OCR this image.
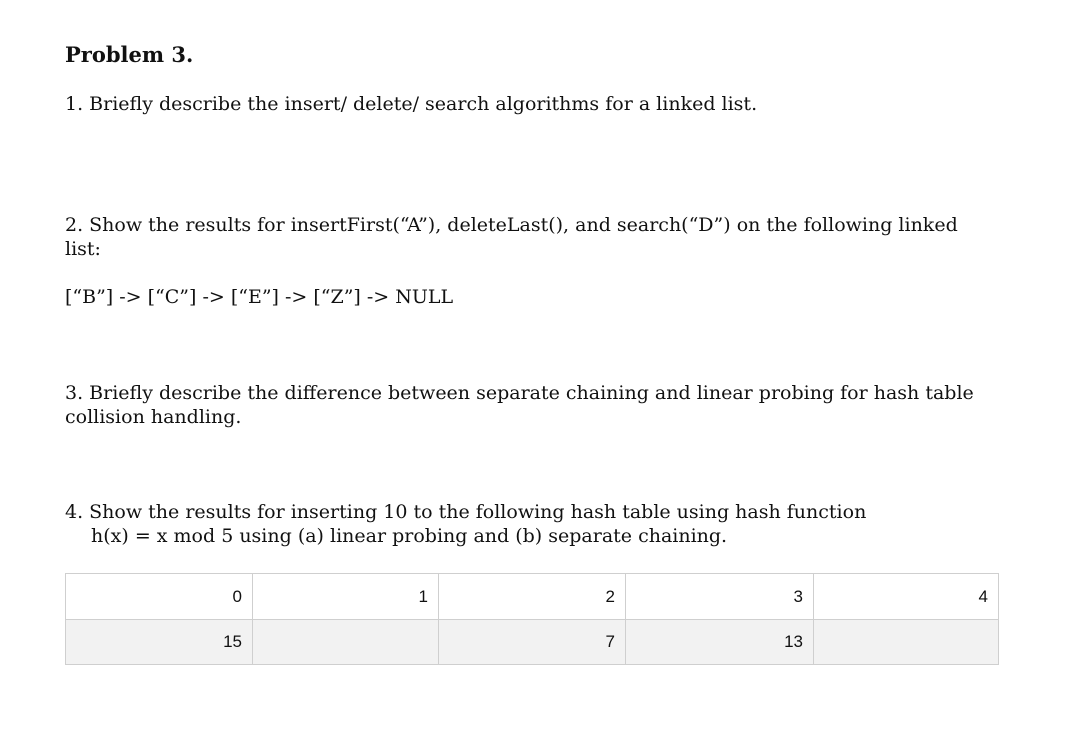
Problem 3.
1. Briefly describe the insert/ delete/ search algorithms for a linked list.
2. Show the results for insertFirst(“A”), deleteLast(), and search(“D”) on the following linked list:
[“B”] -> [“C”] -> [“E”] -> [“Z”] -> NULL
3. Briefly describe the difference between separate chaining and linear probing for hash table collision handling.
4. Show the results for inserting 10 to the following hash table using hash function
h(x) = x mod 5 using (a) linear probing and (b) separate chaining.
0	1	2	3	4
15		7	13	
